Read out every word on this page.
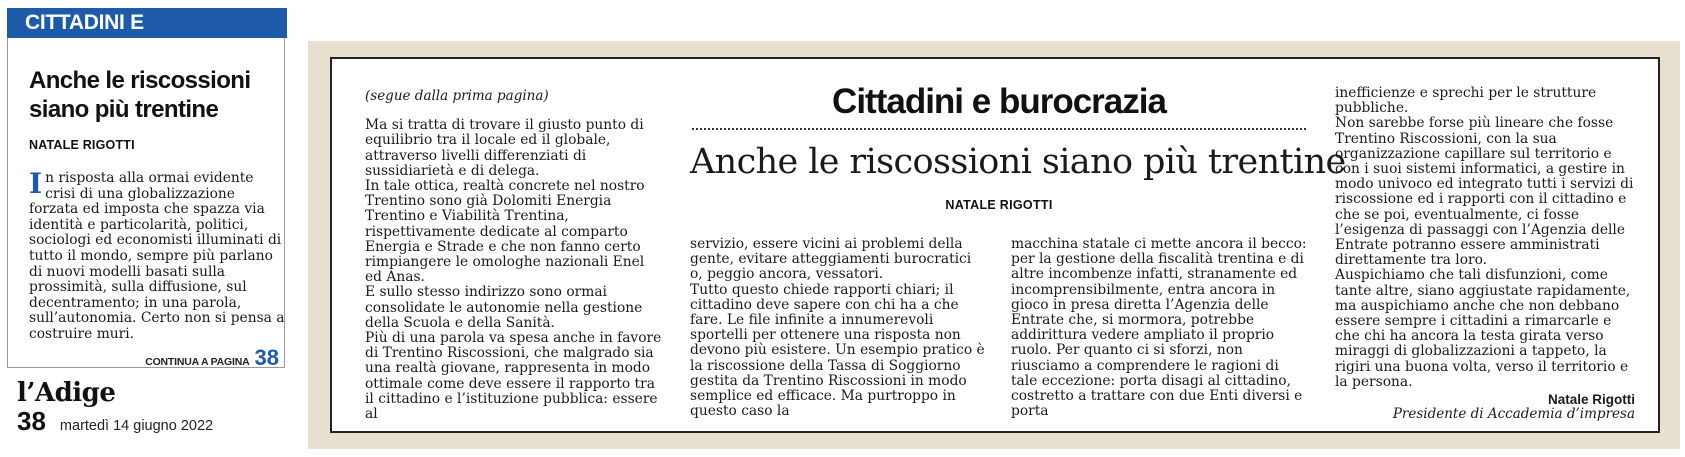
CITTADINI E BUROCRAZIA
Anche le riscossioni siano più trentine
NATALE RIGOTTI

In risposta alla ormai evidente crisi di una globalizzazione forzata ed imposta che spazza via identità e particolarità, politici, sociologi ed economisti illuminati di tutto il mondo, sempre più parlano di nuovi modelli basati sulla prossimità, sulla diffusione, sul decentramento; in una parola, sull’autonomia. Certo non si pensa a costruire muri.

CONTINUA A PAGINA 38
l’Adige
38 martedì 14 giugno 2022

(segue dalla prima pagina)

Ma si tratta di trovare il giusto punto di equilibrio tra il locale ed il globale, attraverso livelli differenziati di sussidiarietà e di delega.

In tale ottica, realtà concrete nel nostro Trentino sono già Dolomiti Energia Trentino e Viabilità Trentina, rispettivamente dedicate al comparto Energia e Strade e che non fanno certo rimpiangere le omologhe nazionali Enel ed Anas.

E sullo stesso indirizzo sono ormai consolidate le autonomie nella gestione della Scuola e della Sanità.

Più di una parola va spesa anche in favore di Trentino Riscossioni, che malgrado sia una realtà giovane, rappresenta in modo ottimale come deve essere il rapporto tra il cittadino e l’istituzione pubblica: essere al

Cittadini e burocrazia
Anche le riscossioni siano più trentine
NATALE RIGOTTI

servizio, essere vicini ai problemi della gente, evitare atteggiamenti burocratici o, peggio ancora, vessatori.

Tutto questo chiede rapporti chiari; il cittadino deve sapere con chi ha a che fare. Le file infinite a innumerevoli sportelli per ottenere una risposta non devono più esistere. Un esempio pratico è la riscossione della Tassa di Soggiorno gestita da Trentino Riscossioni in modo semplice ed efficace. Ma purtroppo in questo caso la

macchina statale ci mette ancora il becco: per la gestione della fiscalità trentina e di altre incombenze infatti, stranamente ed incomprensibilmente, entra ancora in gioco in presa diretta l’Agenzia delle Entrate che, si mormora, potrebbe addirittura vedere ampliato il proprio ruolo. Per quanto ci si sforzi, non riusciamo a comprendere le ragioni di tale eccezione: porta disagi al cittadino, costretto a trattare con due Enti diversi e porta

inefficienze e sprechi per le strutture pubbliche.

Non sarebbe forse più lineare che fosse Trentino Riscossioni, con la sua organizzazione capillare sul territorio e con i suoi sistemi informatici, a gestire in modo univoco ed integrato tutti i servizi di riscossione ed i rapporti con il cittadino e che se poi, eventualmente, ci fosse l’esigenza di passaggi con l’Agenzia delle Entrate potranno essere amministrati direttamente tra loro.

Auspichiamo che tali disfunzioni, come tante altre, siano aggiustate rapidamente, ma auspichiamo anche che non debbano essere sempre i cittadini a rimarcarle e che chi ha ancora la testa girata verso miraggi di globalizzazioni a tappeto, la rigiri una buona volta, verso il territorio e la persona.

Natale Rigotti
Presidente di Accademia d’impresa
